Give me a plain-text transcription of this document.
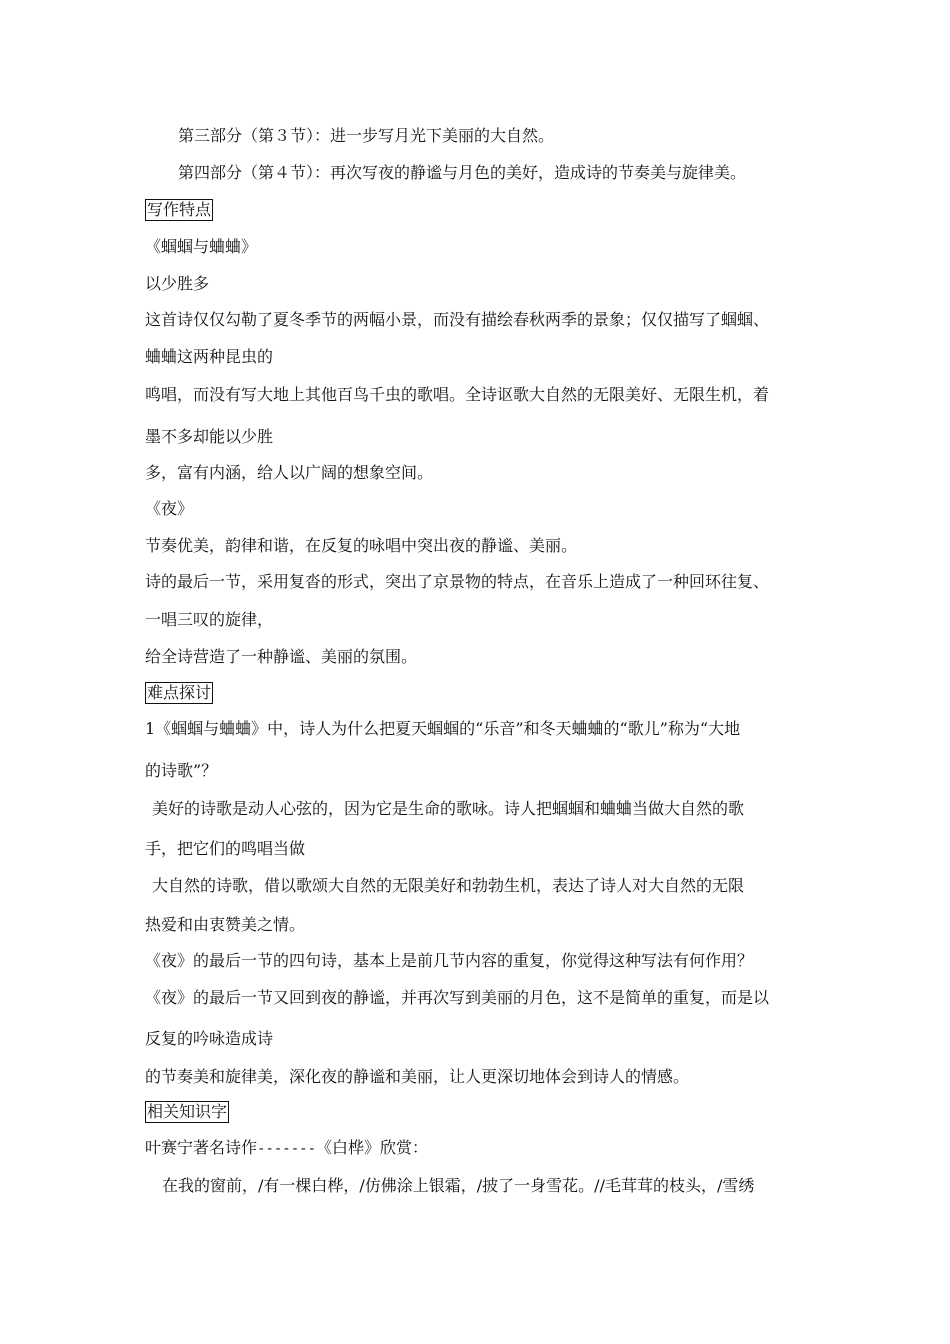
第三部分（第３节）：进一步写月光下美丽的大自然。
第四部分（第４节）：再次写夜的静谧与月色的美好，造成诗的节奏美与旋律美。
写作特点
《蝈蝈与蛐蛐》
以少胜多
这首诗仅仅勾勒了夏冬季节的两幅小景，而没有描绘春秋两季的景象；仅仅描写了蝈蝈、
蛐蛐这两种昆虫的
鸣唱，而没有写大地上其他百鸟千虫的歌唱。全诗讴歌大自然的无限美好、无限生机，着
墨不多却能以少胜
多，富有内涵，给人以广阔的想象空间。
《夜》
节奏优美，韵律和谐，在反复的咏唱中突出夜的静谧、美丽。
诗的最后一节，采用复沓的形式，突出了京景物的特点，在音乐上造成了一种回环往复、
一唱三叹的旋律，
给全诗营造了一种静谧、美丽的氛围。
难点探讨
1《蝈蝈与蛐蛐》中，诗人为什么把夏天蝈蝈的“乐音”和冬天蛐蛐的“歌儿”称为“大地
的诗歌”？
美好的诗歌是动人心弦的，因为它是生命的歌咏。诗人把蝈蝈和蛐蛐当做大自然的歌
手，把它们的鸣唱当做
大自然的诗歌，借以歌颂大自然的无限美好和勃勃生机，表达了诗人对大自然的无限
热爱和由衷赞美之情。
《夜》的最后一节的四句诗，基本上是前几节内容的重复，你觉得这种写法有何作用？
《夜》的最后一节又回到夜的静谧，并再次写到美丽的月色，这不是简单的重复，而是以
反复的吟咏造成诗
的节奏美和旋律美，深化夜的静谧和美丽，让人更深切地体会到诗人的情感。
相关知识字
叶赛宁著名诗作-------《白桦》欣赏：
在我的窗前，/有一棵白桦，/仿佛涂上银霜，/披了一身雪花。//毛茸茸的枝头，/雪绣
